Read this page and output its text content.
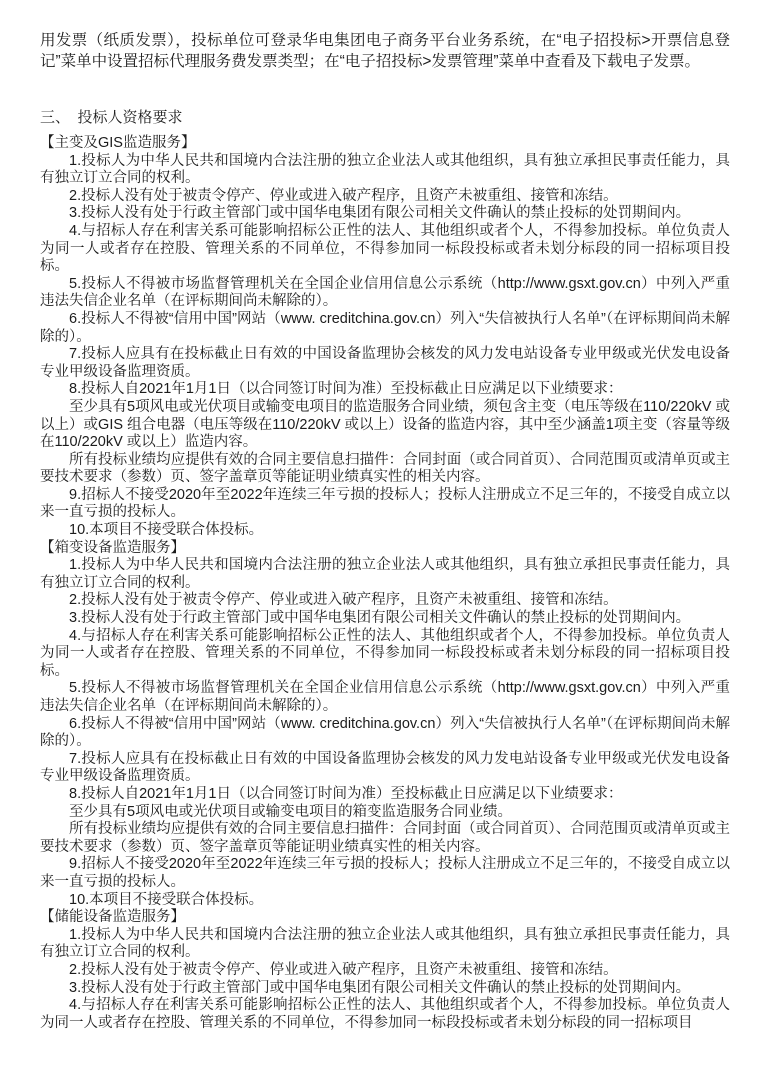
用发票（纸质发票），投标单位可登录华电集团电子商务平台业务系统，在“电子招投标>开票信息登记”菜单中设置招标代理服务费发票类型；在“电子招投标>发票管理”菜单中查看及下载电子发票。

三、　投标人资格要求

【主变及GIS监造服务】

1.投标人为中华人民共和国境内合法注册的独立企业法人或其他组织，具有独立承担民事责任能力，具有独立订立合同的权利。

2.投标人没有处于被责令停产、停业或进入破产程序，且资产未被重组、接管和冻结。

3.投标人没有处于行政主管部门或中国华电集团有限公司相关文件确认的禁止投标的处罚期间内。

4.与招标人存在利害关系可能影响招标公正性的法人、其他组织或者个人，不得参加投标。单位负责人为同一人或者存在控股、管理关系的不同单位，不得参加同一标段投标或者未划分标段的同一招标项目投标。

5.投标人不得被市场监督管理机关在全国企业信用信息公示系统（http://www.gsxt.gov.cn）中列入严重违法失信企业名单（在评标期间尚未解除的）。

6.投标人不得被“信用中国”网站（www. creditchina.gov.cn）列入“失信被执行人名单”（在评标期间尚未解除的）。

7.投标人应具有在投标截止日有效的中国设备监理协会核发的风力发电站设备专业甲级或光伏发电设备专业甲级设备监理资质。

8.投标人自2021年1月1日（以合同签订时间为准）至投标截止日应满足以下业绩要求：

至少具有5项风电或光伏项目或输变电项目的监造服务合同业绩，须包含主变（电压等级在110/220kV 或以上）或GIS 组合电器（电压等级在110/220kV 或以上）设备的监造内容，其中至少涵盖1项主变（容量等级在110/220kV 或以上）监造内容。

所有投标业绩均应提供有效的合同主要信息扫描件：合同封面（或合同首页）、合同范围页或清单页或主要技术要求（参数）页、签字盖章页等能证明业绩真实性的相关内容。

9.招标人不接受2020年至2022年连续三年亏损的投标人；投标人注册成立不足三年的，不接受自成立以来一直亏损的投标人。

10.本项目不接受联合体投标。

【箱变设备监造服务】

1.投标人为中华人民共和国境内合法注册的独立企业法人或其他组织，具有独立承担民事责任能力，具有独立订立合同的权利。

2.投标人没有处于被责令停产、停业或进入破产程序，且资产未被重组、接管和冻结。

3.投标人没有处于行政主管部门或中国华电集团有限公司相关文件确认的禁止投标的处罚期间内。

4.与招标人存在利害关系可能影响招标公正性的法人、其他组织或者个人，不得参加投标。单位负责人为同一人或者存在控股、管理关系的不同单位，不得参加同一标段投标或者未划分标段的同一招标项目投标。

5.投标人不得被市场监督管理机关在全国企业信用信息公示系统（http://www.gsxt.gov.cn）中列入严重违法失信企业名单（在评标期间尚未解除的）。

6.投标人不得被“信用中国”网站（www. creditchina.gov.cn）列入“失信被执行人名单”（在评标期间尚未解除的）。

7.投标人应具有在投标截止日有效的中国设备监理协会核发的风力发电站设备专业甲级或光伏发电设备专业甲级设备监理资质。

8.投标人自2021年1月1日（以合同签订时间为准）至投标截止日应满足以下业绩要求：

至少具有5项风电或光伏项目或输变电项目的箱变监造服务合同业绩。

所有投标业绩均应提供有效的合同主要信息扫描件：合同封面（或合同首页）、合同范围页或清单页或主要技术要求（参数）页、签字盖章页等能证明业绩真实性的相关内容。

9.招标人不接受2020年至2022年连续三年亏损的投标人；投标人注册成立不足三年的，不接受自成立以来一直亏损的投标人。

10.本项目不接受联合体投标。

【储能设备监造服务】

1.投标人为中华人民共和国境内合法注册的独立企业法人或其他组织，具有独立承担民事责任能力，具有独立订立合同的权利。

2.投标人没有处于被责令停产、停业或进入破产程序，且资产未被重组、接管和冻结。

3.投标人没有处于行政主管部门或中国华电集团有限公司相关文件确认的禁止投标的处罚期间内。

4.与招标人存在利害关系可能影响招标公正性的法人、其他组织或者个人，不得参加投标。单位负责人为同一人或者存在控股、管理关系的不同单位，不得参加同一标段投标或者未划分标段的同一招标项目
